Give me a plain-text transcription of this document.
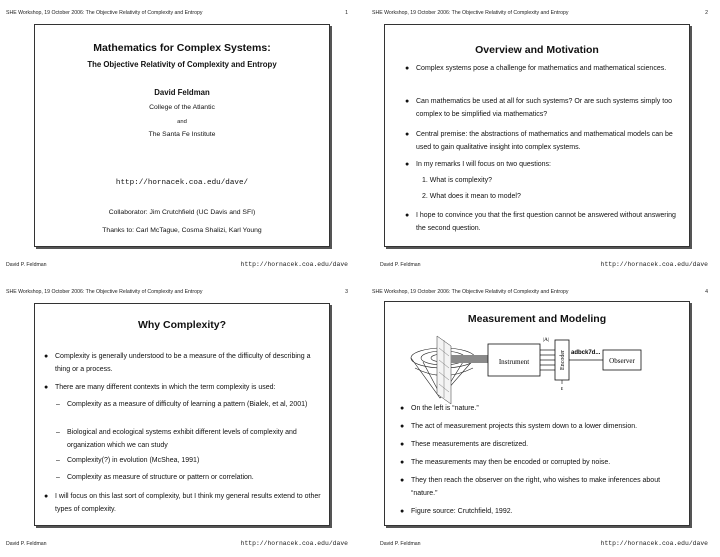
SHE Workshop, 19 October 2006: The Objective Relativity of Complexity and Entropy	1
Mathematics for Complex Systems:
The Objective Relativity of Complexity and Entropy
David Feldman
College of the Atlantic
and
The Santa Fe Institute
http://hornacek.coa.edu/dave/
Collaborator: Jim Crutchfield (UC Davis and SFI)
Thanks to: Carl McTague, Cosma Shalizi, Karl Young
David P. Feldman	http://hornacek.coa.edu/dave
SHE Workshop, 19 October 2006: The Objective Relativity of Complexity and Entropy	2
Overview and Motivation
● Complex systems pose a challenge for mathematics and mathematical sciences.
● Can mathematics be used at all for such systems? Or are such systems simply too complex to be simplified via mathematics?
● Central premise: the abstractions of mathematics and mathematical models can be used to gain qualitative insight into complex systems.
● In my remarks I will focus on two questions:
1. What is complexity?
2. What does it mean to model?
● I hope to convince you that the first question cannot be answered without answering the second question.
David P. Feldman	http://hornacek.coa.edu/dave
SHE Workshop, 19 October 2006: The Objective Relativity of Complexity and Entropy	3
Why Complexity?
● Complexity is generally understood to be a measure of the difficulty of describing a thing or a process.
● There are many different contexts in which the term complexity is used:
– Complexity as a measure of difficulty of learning a pattern (Bialek, et al, 2001)
– Biological and ecological systems exhibit different levels of complexity and organization which we can study
– Complexity(?) in evolution (McShea, 1991)
– Complexity as measure of structure or pattern or correlation.
● I will focus on this last sort of complexity, but I think my general results extend to other types of complexity.
David P. Feldman	http://hornacek.coa.edu/dave
SHE Workshop, 19 October 2006: The Objective Relativity of Complexity and Entropy	4
Measurement and Modeling
Instrument
|A|
Encoder
ε
adbck7d...
Observer
● On the left is “nature.”
● The act of measurement projects this system down to a lower dimension.
● These measurements are discretized.
● The measurements may then be encoded or corrupted by noise.
● They then reach the observer on the right, who wishes to make inferences about “nature.”
● Figure source: Crutchfield, 1992.
David P. Feldman	http://hornacek.coa.edu/dave
